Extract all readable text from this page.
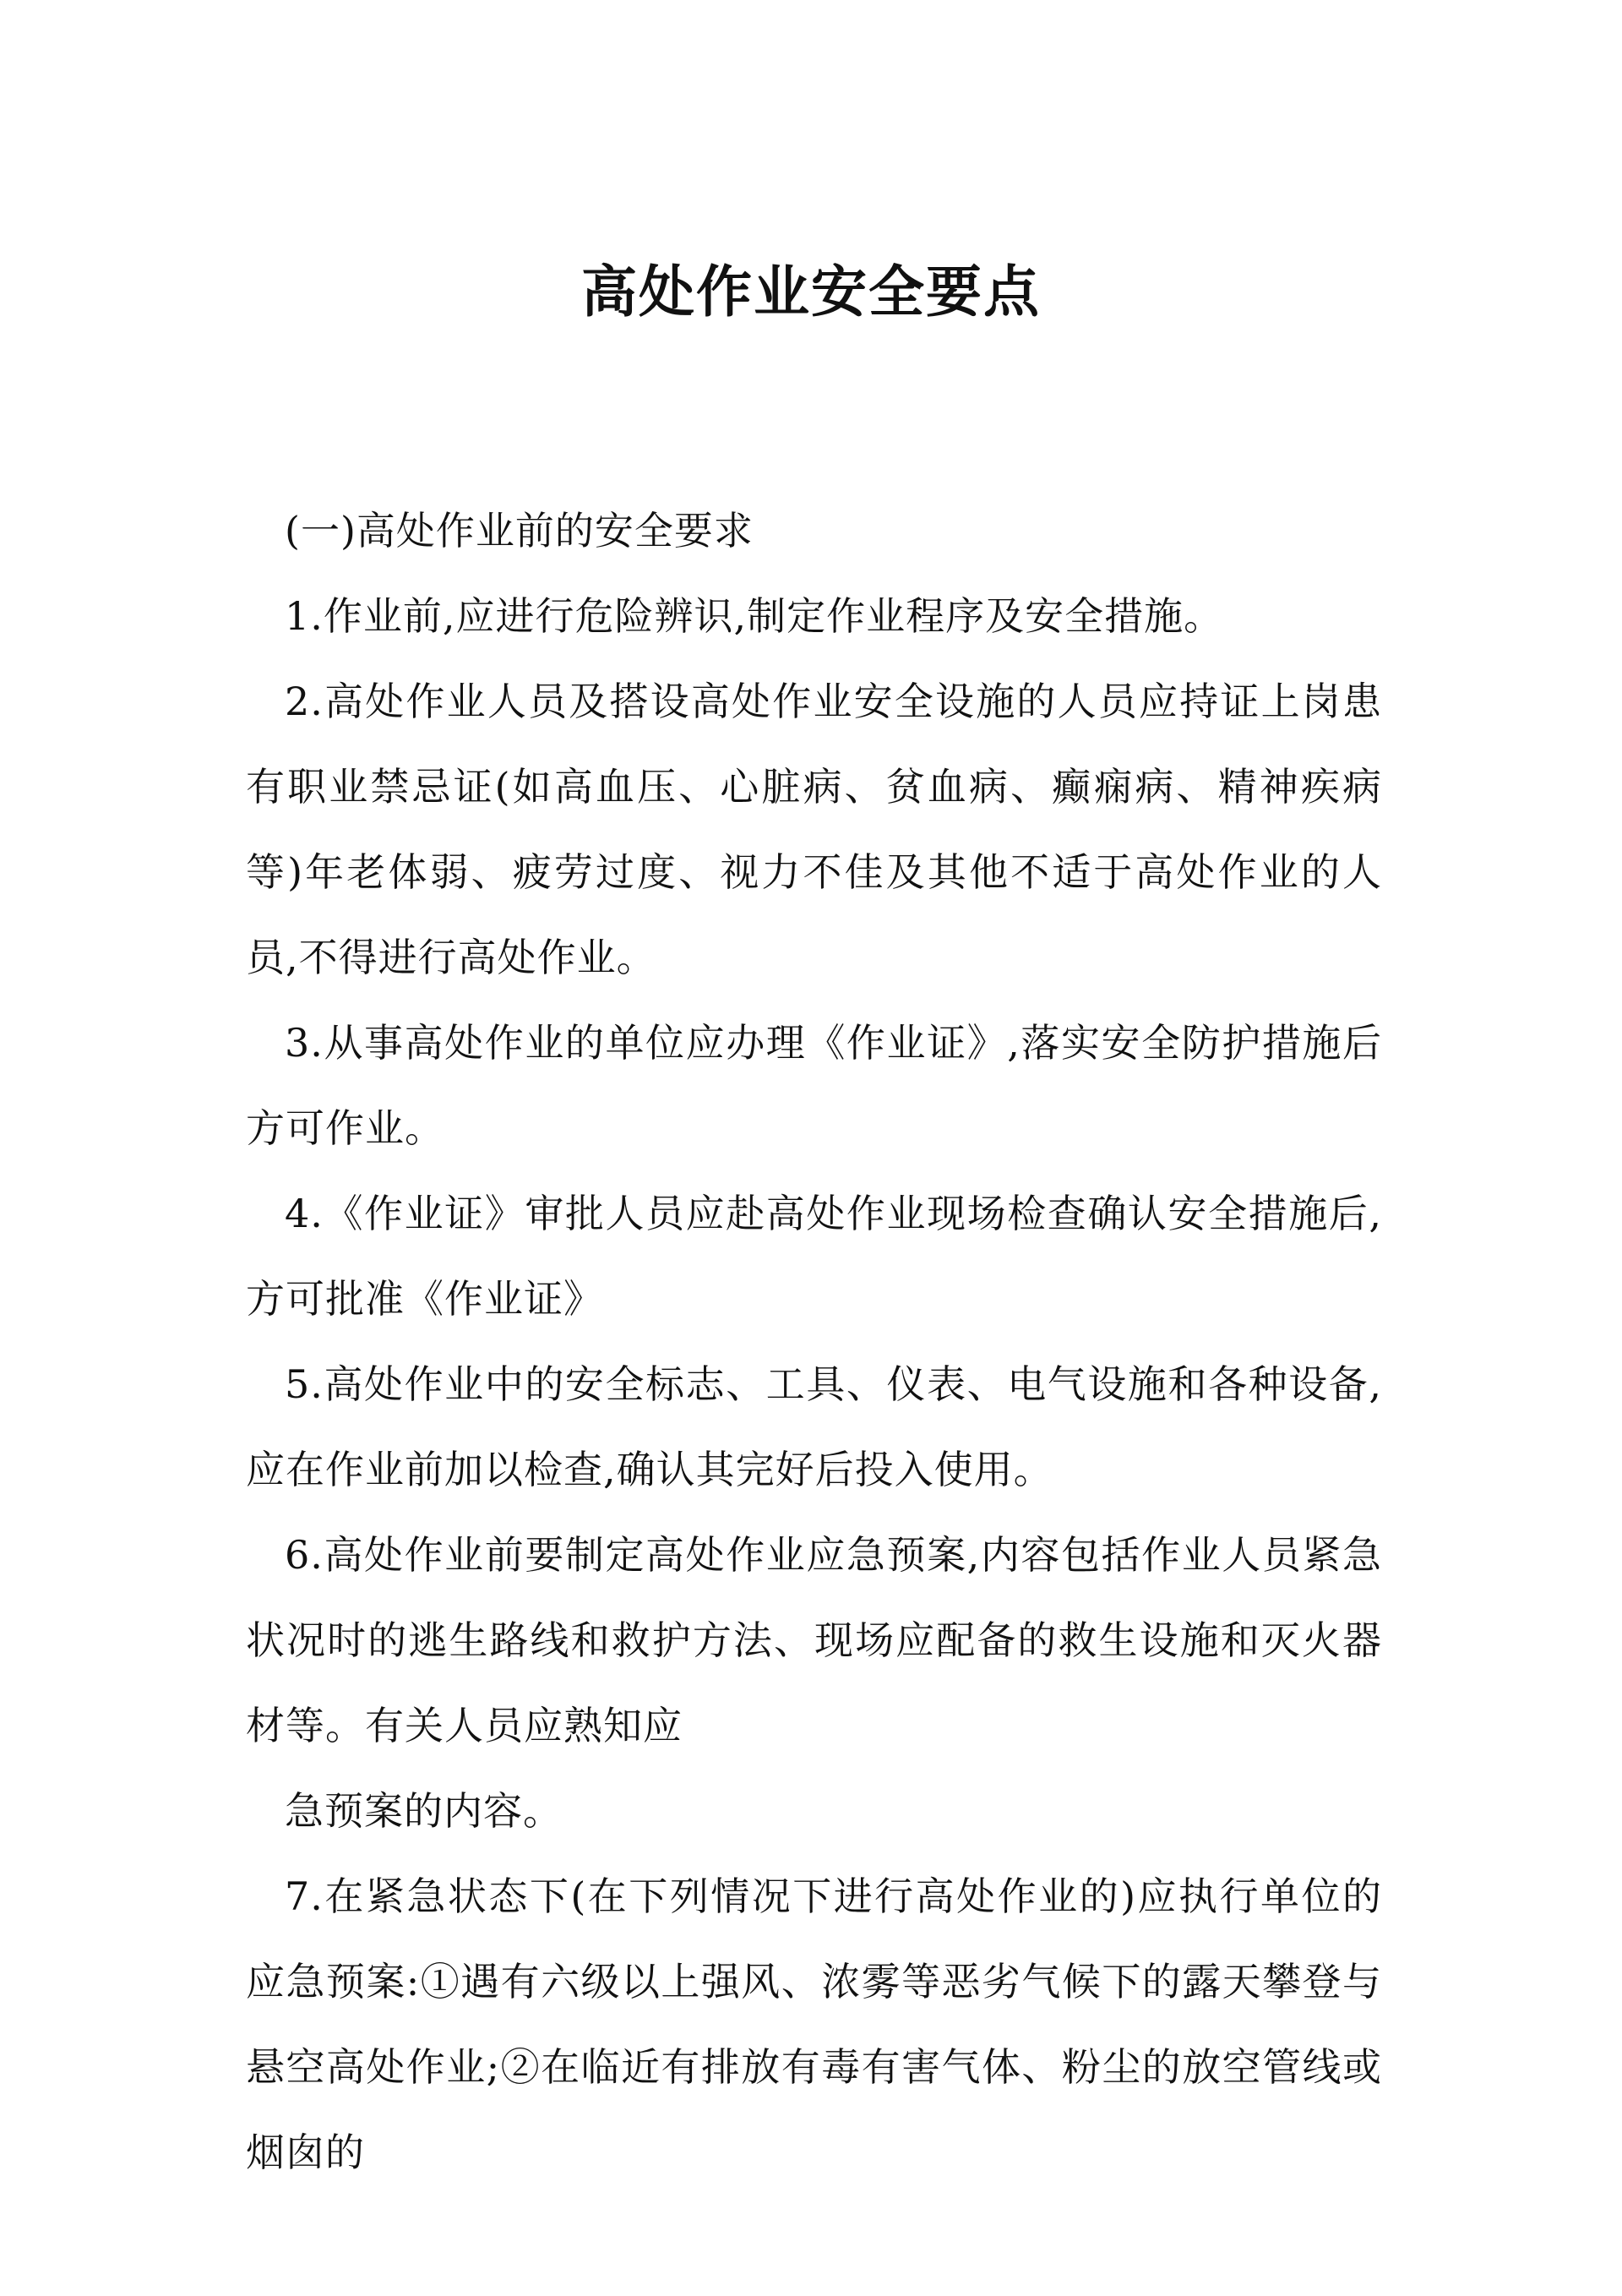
高处作业安全要点

(一)高处作业前的安全要求

1.作业前,应进行危险辨识,制定作业程序及安全措施。

2.高处作业人员及搭设高处作业安全设施的人员应持证上岗患有职业禁忌证(如高血压、心脏病、贫血病、癫痫病、精神疾病等)年老体弱、疲劳过度、视力不佳及其他不适于高处作业的人员,不得进行高处作业。

3.从事高处作业的单位应办理《作业证》,落实安全防护措施后方可作业。

4.《作业证》审批人员应赴高处作业现场检查确认安全措施后,方可批准《作业证》

5.高处作业中的安全标志、工具、仪表、电气设施和各种设备,应在作业前加以检查,确认其完好后投入使用。

6.高处作业前要制定高处作业应急预案,内容包括作业人员紧急状况时的逃生路线和救护方法、现场应配备的救生设施和灭火器材等。有关人员应熟知应

急预案的内容。

7.在紧急状态下(在下列情况下进行高处作业的)应执行单位的应急预案:①遇有六级以上强风、浓雾等恶劣气候下的露天攀登与悬空高处作业;②在临近有排放有毒有害气体、粉尘的放空管线或烟囱的
